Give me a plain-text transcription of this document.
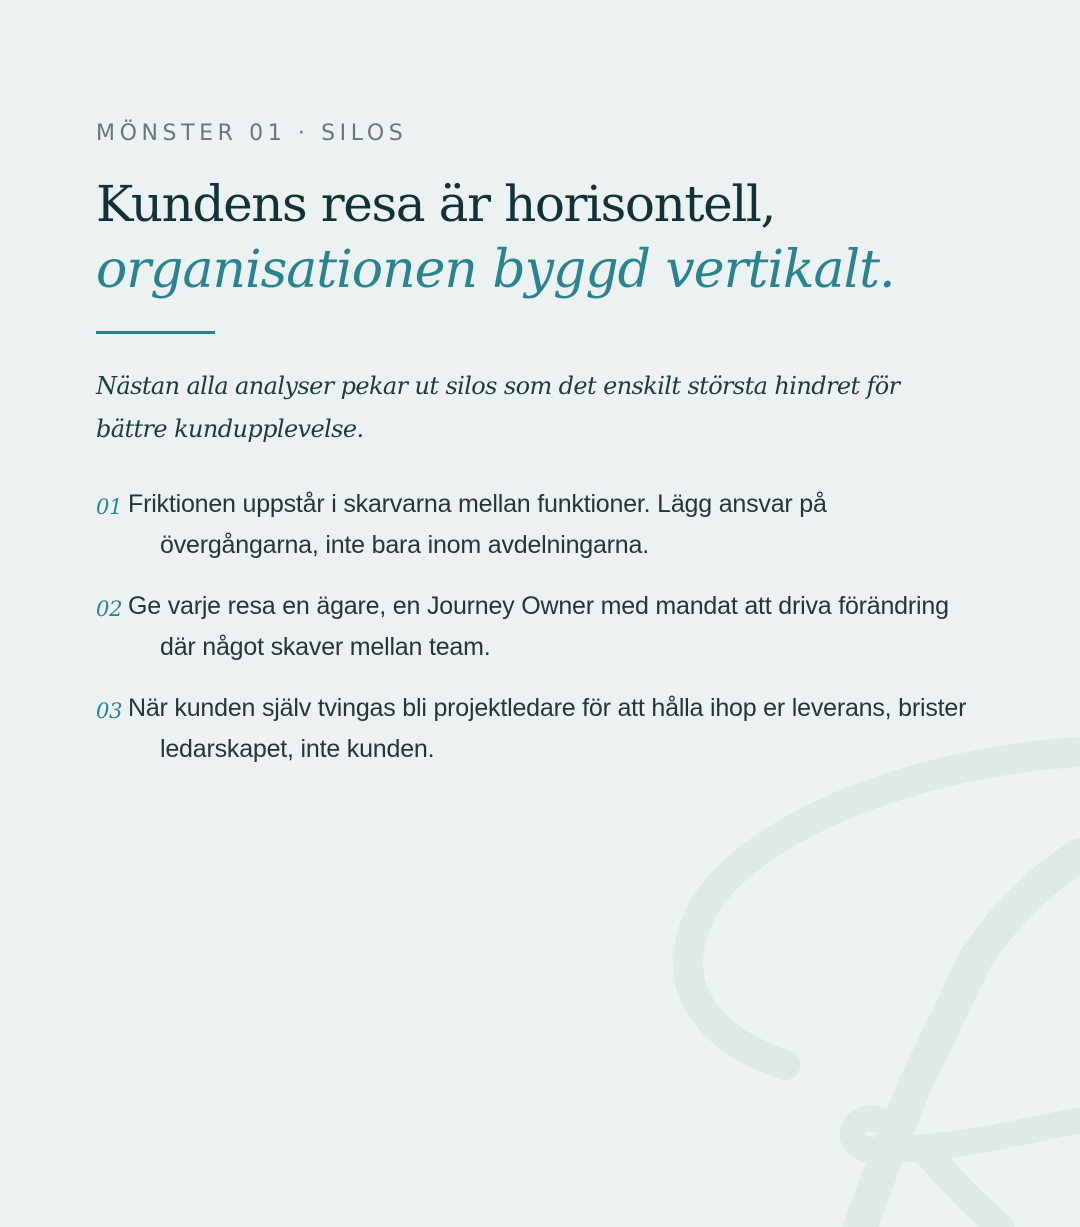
MÖNSTER 01 · SILOS
Kundens resa är horisontell,
organisationen byggd vertikalt.

Nästan alla analyser pekar ut silos som det enskilt största hindret för bättre kundupplevelse.

01 Friktionen uppstår i skarvarna mellan funktioner. Lägg ansvar på övergångarna, inte bara inom avdelningarna.
02 Ge varje resa en ägare, en Journey Owner med mandat att driva förändring där något skaver mellan team.
03 När kunden själv tvingas bli projektledare för att hålla ihop er leverans, brister ledarskapet, inte kunden.
